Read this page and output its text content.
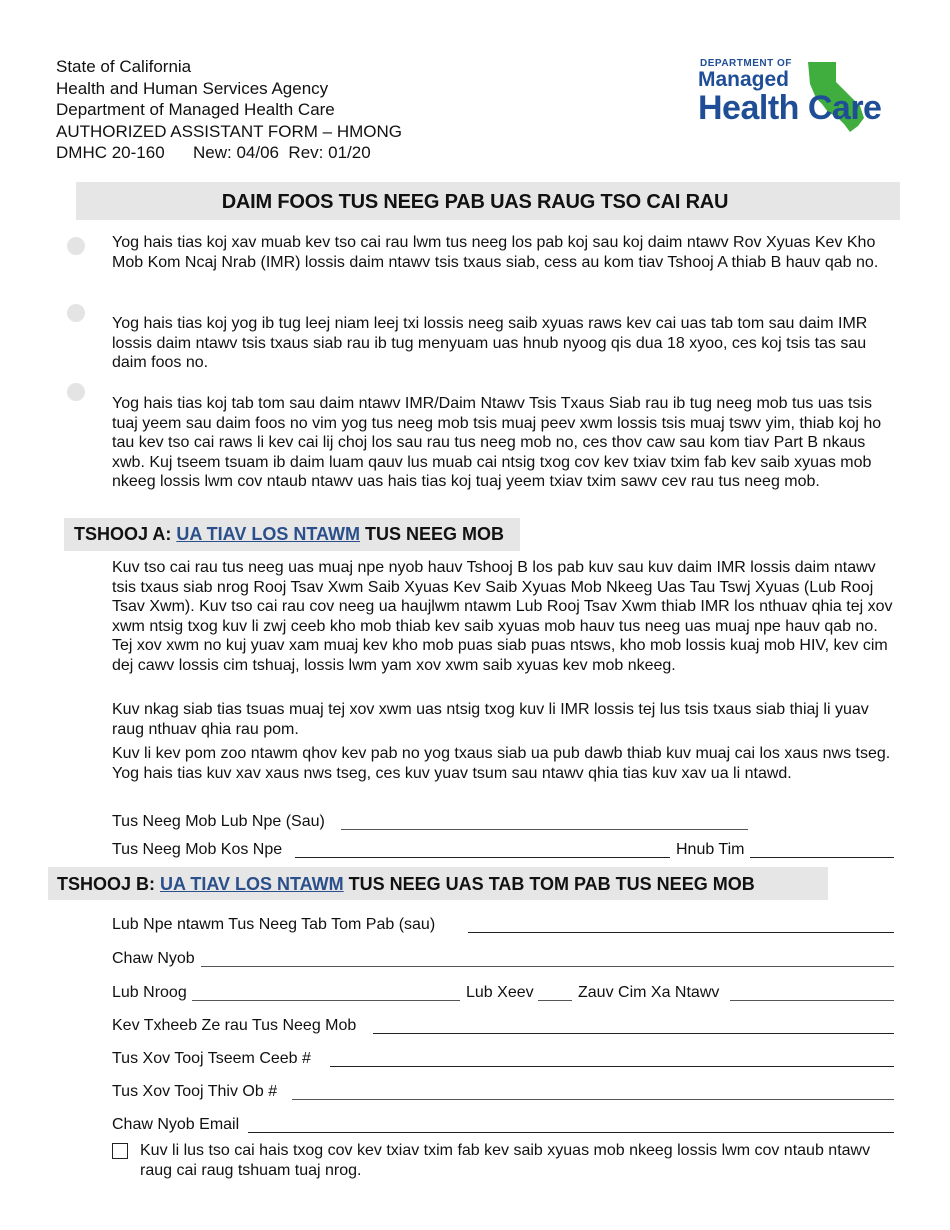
State of California
Health and Human Services Agency
Department of Managed Health Care
AUTHORIZED ASSISTANT FORM – HMONG
DMHC 20-160      New: 04/06  Rev: 01/20
DEPARTMENT OF
Managed
Health Care
DAIM FOOS TUS NEEG PAB UAS RAUG TSO CAI RAU
Yog hais tias koj xav muab kev tso cai rau lwm tus neeg los pab koj sau koj daim ntawv Rov Xyuas Kev Kho Mob Kom Ncaj Nrab (IMR) lossis daim ntawv tsis txaus siab, cess au kom tiav Tshooj A thiab B hauv qab no.
Yog hais tias koj yog ib tug leej niam leej txi lossis neeg saib xyuas raws kev cai uas tab tom sau daim IMR lossis daim ntawv tsis txaus siab rau ib tug menyuam uas hnub nyoog qis dua 18 xyoo, ces koj tsis tas sau daim foos no.
Yog hais tias koj tab tom sau daim ntawv IMR/Daim Ntawv Tsis Txaus Siab rau ib tug neeg mob tus uas tsis tuaj yeem sau daim foos no vim yog tus neeg mob tsis muaj peev xwm lossis tsis muaj tswv yim, thiab koj ho tau kev tso cai raws li kev cai lij choj los sau rau tus neeg mob no, ces thov caw sau kom tiav Part B nkaus xwb. Kuj tseem tsuam ib daim luam qauv lus muab cai ntsig txog cov kev txiav txim fab kev saib xyuas mob nkeeg lossis lwm cov ntaub ntawv uas hais tias koj tuaj yeem txiav txim sawv cev rau tus neeg mob.
TSHOOJ A: UA TIAV LOS NTAWM TUS NEEG MOB
Kuv tso cai rau tus neeg uas muaj npe nyob hauv Tshooj B los pab kuv sau kuv daim IMR lossis daim ntawv tsis txaus siab nrog Rooj Tsav Xwm Saib Xyuas Kev Saib Xyuas Mob Nkeeg Uas Tau Tswj Xyuas (Lub Rooj Tsav Xwm). Kuv tso cai rau cov neeg ua haujlwm ntawm Lub Rooj Tsav Xwm thiab IMR los nthuav qhia tej xov xwm ntsig txog kuv li zwj ceeb kho mob thiab kev saib xyuas mob hauv tus neeg uas muaj npe hauv qab no. Tej xov xwm no kuj yuav xam muaj kev kho mob puas siab puas ntsws, kho mob lossis kuaj mob HIV, kev cim dej cawv lossis cim tshuaj, lossis lwm yam xov xwm saib xyuas kev mob nkeeg.
Kuv nkag siab tias tsuas muaj tej xov xwm uas ntsig txog kuv li IMR lossis tej lus tsis txaus siab thiaj li yuav raug nthuav qhia rau pom.
Kuv li kev pom zoo ntawm qhov kev pab no yog txaus siab ua pub dawb thiab kuv muaj cai los xaus nws tseg. Yog hais tias kuv xav xaus nws tseg, ces kuv yuav tsum sau ntawv qhia tias kuv xav ua li ntawd.
Tus Neeg Mob Lub Npe (Sau)
Tus Neeg Mob Kos Npe	Hnub Tim
TSHOOJ B: UA TIAV LOS NTAWM TUS NEEG UAS TAB TOM PAB TUS NEEG MOB
Lub Npe ntawm Tus Neeg Tab Tom Pab (sau)
Chaw Nyob
Lub Nroog	Lub Xeev	Zauv Cim Xa Ntawv
Kev Txheeb Ze rau Tus Neeg Mob
Tus Xov Tooj Tseem Ceeb #
Tus Xov Tooj Thiv Ob #
Chaw Nyob Email
Kuv li lus tso cai hais txog cov kev txiav txim fab kev saib xyuas mob nkeeg lossis lwm cov ntaub ntawv raug cai raug tshuam tuaj nrog.
